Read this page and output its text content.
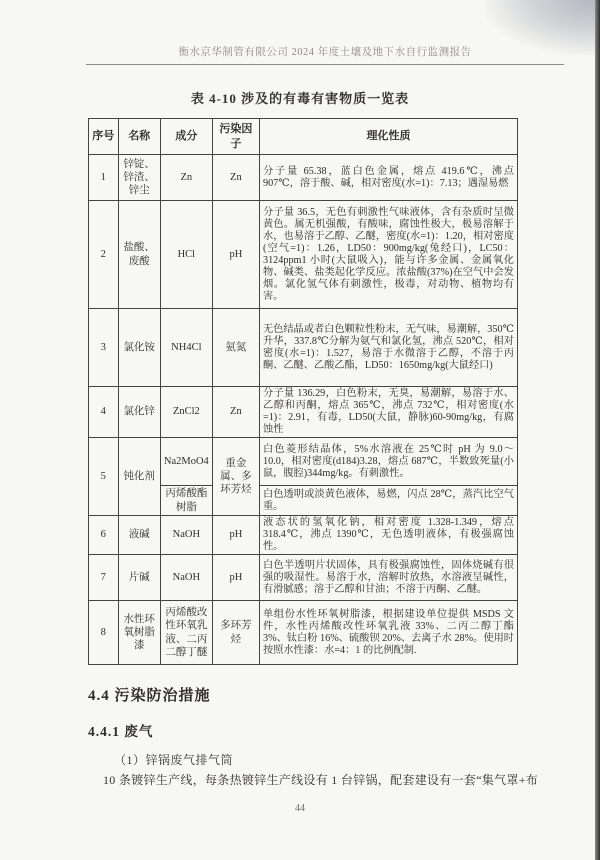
衡水京华制管有限公司 2024 年度土壤及地下水自行监测报告
表 4-10 涉及的有毒有害物质一览表
序号	名称	成分	污染因子	理化性质
1	锌锭、锌渣、锌尘	Zn	Zn	分子量 65.38，蓝白色金属，熔点 419.6℃，沸点 907℃，溶于酸、碱，相对密度(水=1)：7.13；遇湿易燃
2	盐酸、废酸	HCl	pH	分子量 36.5，无色有刺激性气味液体，含有杂质时呈微黄色。属无机强酸，有酸味，腐蚀性极大，极易溶解于水，也易溶于乙醇、乙醚，密度(水=1)：1.20，相对密度(空气=1)：1.26，LD50：900mg/kg(兔经口)，LC50：3124ppm1 小时(大鼠吸入)，能与许多金属、金属氧化物、碱类、盐类起化学反应。浓盐酸(37%)在空气中会发烟。氯化氢气体有刺激性，极毒，对动物、植物均有害。
3	氯化铵	NH4Cl	氨氮	无色结晶或者白色颗粒性粉末，无气味，易潮解，350℃升华，337.8℃分解为氨气和氯化氢，沸点 520℃，相对密度(水=1)：1.527，易溶于水微溶于乙醇，不溶于丙酮、乙醚、乙酸乙酯，LD50：1650mg/kg(大鼠经口)
4	氯化锌	ZnCl2	Zn	分子量 136.29，白色粉末，无臭，易潮解，易溶于水、乙醇和丙酮，熔点 365℃，沸点 732℃，相对密度(水=1)：2.91，有毒，LD50(大鼠，静脉)60-90mg/kg，有腐蚀性
5	钝化剂	Na2MoO4	重金属、多环芳烃	白色菱形结晶体，5%水溶液在 25℃时 pH 为 9.0～10.0，相对密度(d184)3.28，熔点 687℃，半数致死量(小鼠，腹腔)344mg/kg。有刺激性。
		丙烯酸酯树脂		白色透明或淡黄色液体，易燃，闪点 28℃，蒸汽比空气重。
6	液碱	NaOH	pH	液态状的氢氧化钠，相对密度 1.328-1.349，熔点 318.4℃，沸点 1390℃，无色透明液体，有极强腐蚀性。
7	片碱	NaOH	pH	白色半透明片状固体，具有极强腐蚀性，固体烧碱有很强的吸湿性。易溶于水，溶解时放热，水溶液呈碱性，有滑腻感；溶于乙醇和甘油；不溶于丙酮、乙醚。
8	水性环氧树脂漆	丙烯酸改性环氧乳液、二丙二醇丁醚	多环芳烃	单组份水性环氧树脂漆，根据建设单位提供 MSDS 文件，水性丙烯酸改性环氧乳液 33%、二丙二醇丁酯 3%、钛白粉 16%、硫酸钡 20%、去离子水 28%。使用时按照水性漆：水=4：1 的比例配制.
4.4 污染防治措施
4.4.1 废气
（1）锌锅废气排气筒
10 条镀锌生产线，每条热镀锌生产线设有 1 台锌锅，配套建设有一套“集气罩+布
44
